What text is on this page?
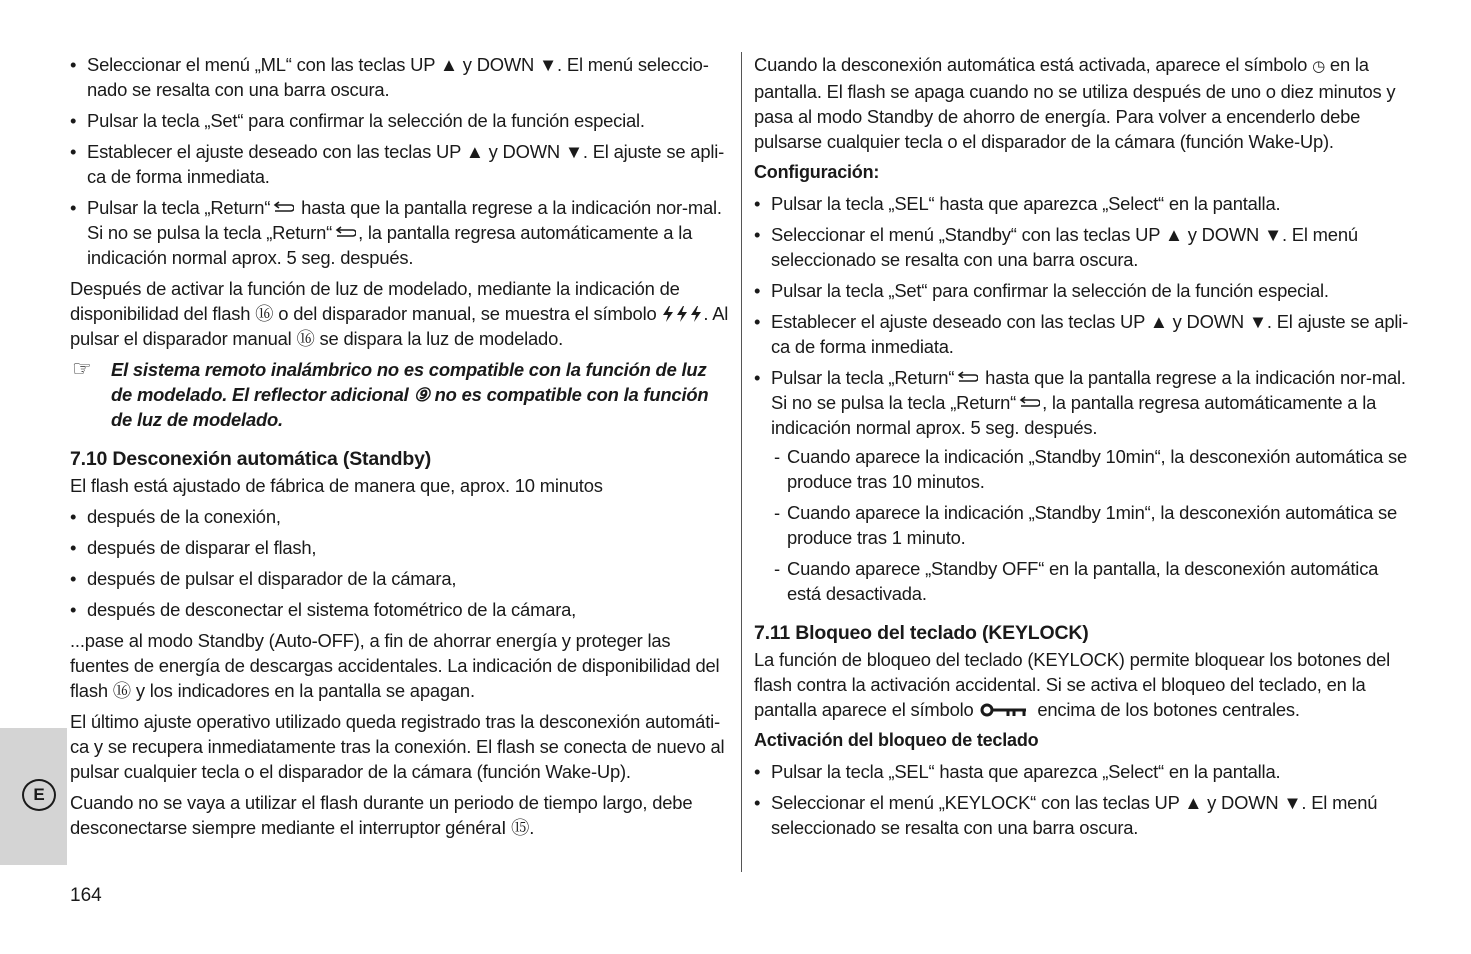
E
• Seleccionar el menú „ML“ con las teclas UP ▲ y DOWN ▼. El menú seleccio-
nado se resalta con una barra oscura.
• Pulsar la tecla „Set“ para confirmar la selección de la función especial.
• Establecer el ajuste deseado con las teclas UP ▲ y DOWN ▼. El ajuste se apli-ca de forma inmediata.
• Pulsar la tecla „Return“ hasta que la pantalla regrese a la indicación nor-mal. Si no se pulsa la tecla „Return“ , la pantalla regresa automáticamente a la indicación normal aprox. 5 seg. después.

Después de activar la función de luz de modelado, mediante la indicación de disponibilidad del flash ⑯ o del disparador manual, se muestra el símbolo	. Al pulsar el disparador manual ⑯ se dispara la luz de modelado.

☞ El sistema remoto inalámbrico no es compatible con la función de luz de modelado. El reflector adicional ⑨ no es compatible con la función de luz de modelado.
7.10 Desconexión automática (Standby)

El flash está ajustado de fábrica de manera que, aprox. 10 minutos

• después de la conexión,
• después de disparar el flash,
• después de pulsar el disparador de la cámara,
• después de desconectar el sistema fotométrico de la cámara,

...pase al modo Standby (Auto-OFF), a fin de ahorrar energía y proteger las fuentes de energía de descargas accidentales. La indicación de disponibilidad del flash ⑯ y los indicadores en la pantalla se apagan.

El último ajuste operativo utilizado queda registrado tras la desconexión automáti-ca y se recupera inmediatamente tras la conexión. El flash se conecta de nuevo al pulsar cualquier tecla o el disparador de la cámara (función Wake-Up).

Cuando no se vaya a utilizar el flash durante un periodo de tiempo largo, debe desconectarse siempre mediante el interruptor généraI ⑮.

Cuando la desconexión automática está activada, aparece el símbolo ◷ en la pantalla. El flash se apaga cuando no se utiliza después de uno o diez minutos y pasa al modo Standby de ahorro de energía. Para volver a encenderlo debe pulsarse cualquier tecla o el disparador de la cámara (función Wake-Up).

Configuración:
• Pulsar la tecla „SEL“ hasta que aparezca „Select“ en la pantalla.
• Seleccionar el menú „Standby“ con las teclas UP ▲ y DOWN ▼. El menú seleccionado se resalta con una barra oscura.
• Pulsar la tecla „Set“ para confirmar la selección de la función especial.
• Establecer el ajuste deseado con las teclas UP ▲ y DOWN ▼. El ajuste se apli-ca de forma inmediata.
• Pulsar la tecla „Return“ hasta que la pantalla regrese a la indicación nor-mal. Si no se pulsa la tecla „Return“ , la pantalla regresa automáticamente a la indicación normal aprox. 5 seg. después.
- Cuando aparece la indicación „Standby 10min“, la desconexión automática se produce tras 10 minutos.
- Cuando aparece la indicación „Standby 1min“, la desconexión automática se produce tras 1 minuto.
- Cuando aparece „Standby OFF“ en la pantalla, la desconexión automática está desactivada.
7.11 Bloqueo del teclado (KEYLOCK)

La función de bloqueo del teclado (KEYLOCK) permite bloquear los botones del flash contra la activación accidental. Si se activa el bloqueo del teclado, en la pantalla aparece el símbolo	encima de los botones centrales.

Activación del bloqueo de teclado
• Pulsar la tecla „SEL“ hasta que aparezca „Select“ en la pantalla.
• Seleccionar el menú „KEYLOCK“ con las teclas UP ▲ y DOWN ▼. El menú seleccionado se resalta con una barra oscura.
164
